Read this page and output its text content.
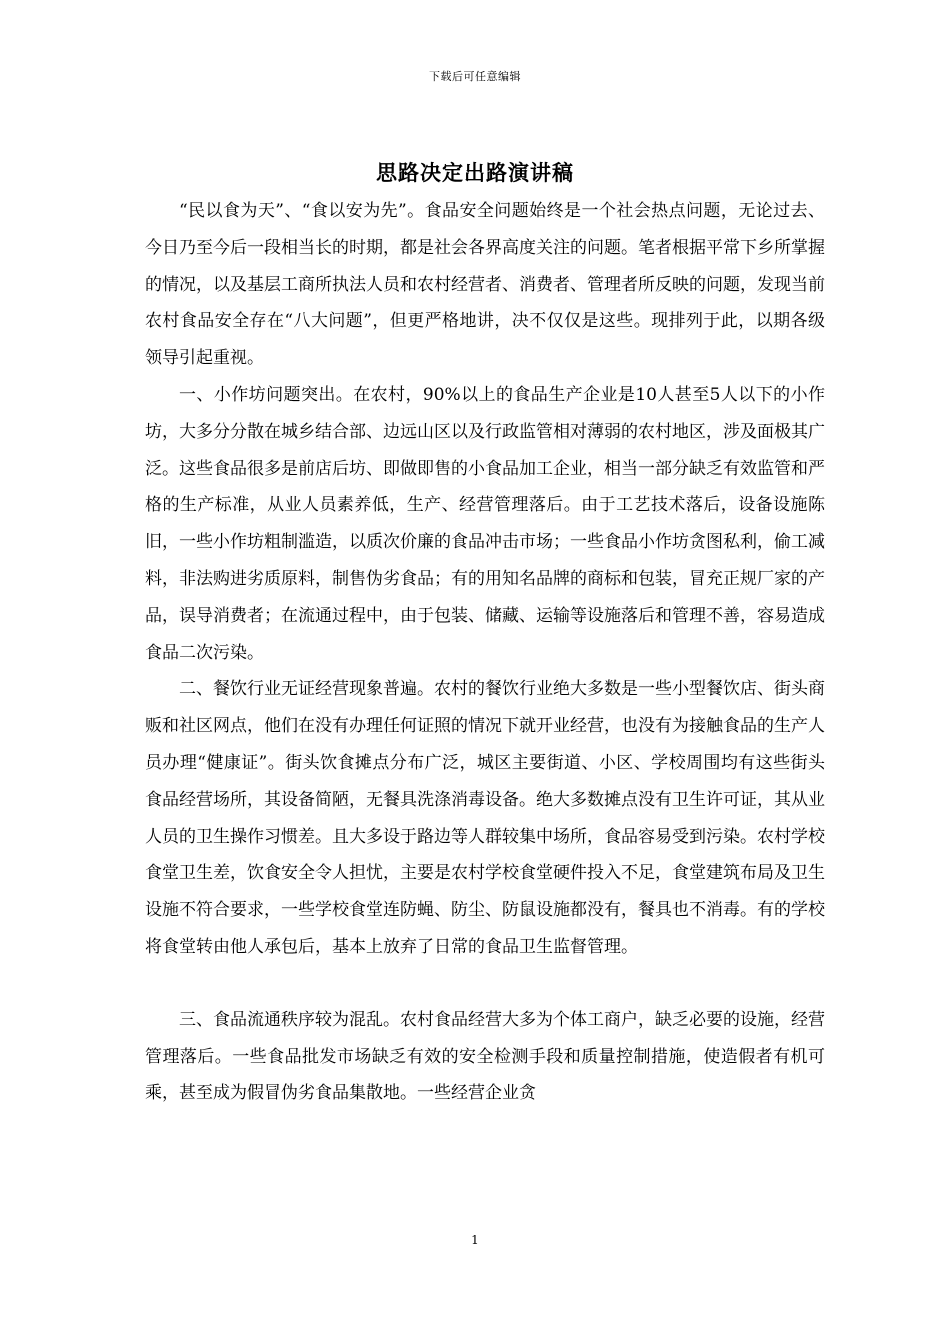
下载后可任意编辑
思路决定出路演讲稿

“民以食为天”、“食以安为先”。食品安全问题始终是一个社会热点问题，无论过去、今日乃至今后一段相当长的时期，都是社会各界高度关注的问题。笔者根据平常下乡所掌握的情况，以及基层工商所执法人员和农村经营者、消费者、管理者所反映的问题，发现当前农村食品安全存在“八大问题”，但更严格地讲，决不仅仅是这些。现排列于此，以期各级领导引起重视。

一、小作坊问题突出。在农村，90%以上的食品生产企业是10人甚至5人以下的小作坊，大多分分散在城乡结合部、边远山区以及行政监管相对薄弱的农村地区，涉及面极其广泛。这些食品很多是前店后坊、即做即售的小食品加工企业，相当一部分缺乏有效监管和严格的生产标准，从业人员素养低，生产、经营管理落后。由于工艺技术落后，设备设施陈旧，一些小作坊粗制滥造，以质次价廉的食品冲击市场；一些食品小作坊贪图私利，偷工减料，非法购进劣质原料，制售伪劣食品；有的用知名品牌的商标和包装，冒充正规厂家的产品，误导消费者；在流通过程中，由于包装、储藏、运输等设施落后和管理不善，容易造成食品二次污染。

二、餐饮行业无证经营现象普遍。农村的餐饮行业绝大多数是一些小型餐饮店、街头商贩和社区网点，他们在没有办理任何证照的情况下就开业经营，也没有为接触食品的生产人员办理“健康证”。街头饮食摊点分布广泛，城区主要街道、小区、学校周围均有这些街头食品经营场所，其设备简陋，无餐具洗涤消毒设备。绝大多数摊点没有卫生许可证，其从业人员的卫生操作习惯差。且大多设于路边等人群较集中场所，食品容易受到污染。农村学校食堂卫生差，饮食安全令人担忧，主要是农村学校食堂硬件投入不足，食堂建筑布局及卫生设施不符合要求，一些学校食堂连防蝇、防尘、防鼠设施都没有，餐具也不消毒。有的学校将食堂转由他人承包后，基本上放弃了日常的食品卫生监督管理。

三、食品流通秩序较为混乱。农村食品经营大多为个体工商户，缺乏必要的设施，经营管理落后。一些食品批发市场缺乏有效的安全检测手段和质量控制措施，使造假者有机可乘，甚至成为假冒伪劣食品集散地。一些经营企业贪

1
